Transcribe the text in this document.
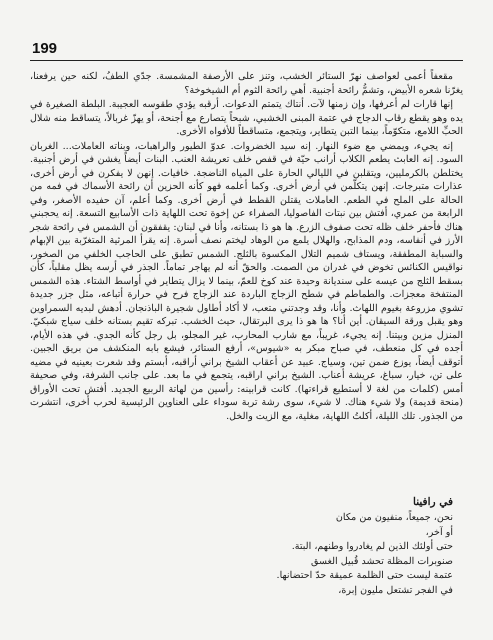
199

مقعفاً أعمى لعواصف نهرّ الستائر الخشب، وتنز على الأرصفة المشمسة. جدّي الطفُ، لكنه حين يرفعنا، يغرّنا شعره الأبيض، وتشمُّ رائحة أجنبية. أهي رائحة الثوم أم الشيخوخة؟

إنها قارات لم أعرفها، وإن زمنها لآت. أنتاك يتمتم الدعوات. أرقبه يؤدي طقوسه العجيبة. البلطة الصغيرة في يده وهو يقطع رقاب الدجاج في عتمة المبنى الخشبي، شبحاً يتصارع مع أجنحة، أو يهزّ غربالاً، يتساقط منه شلال الحبِّ اللامع، متكوّماً، بينما التبن يتطاير، ويتجمع، متساقطاً للأفواه الأخرى.

إنه يجيء، ويمضي مع ضوء النهار. إنه سيد الخضروات. عدوّ الطيور والراهبات، وبناته العاملات... الغربان السود. إنه العابث يطعم الكلاب أرانب حيّة في قفص خلف تعريشة العنب. البنات أيضاً يغشن في أرض أجنبية. يختلطن بالكرمليين، ويتقلبن في الليالي الحارة على المياه الناضجة. خافيات. إنهن لا يفكرن في أرض أخرى، عذارات متبرجات. إنهن يتكلّمن في أرض أخرى. وكما أعلمه فهو كأنه الحزين أن رائحة الأسماك في فمه من الحالة على الملح في الطعم. العاملات يقتلن القطط في أرض أخرى. وكما أعلم، آن حفيده الأصغر، وفي الرابعة من عمري، أفتش بين نبتات الفاصوليا، الصفراء عن إخوة تحت اللهاية ذات الأسابيع التسعة. إنه يحجبني هناك فأحفر خلف ظله تحت صفوف الزرع. ها هو ذا بستانه، وأنا في لبنان: يقفقون أن الشمس في رائحة شجر الأرز في أنفاسه، ودم المذابح، والهلال يلمع من الوهاد ليختم نصف أسرة. إنه يقرأ المرثية المتغرّبة بين الإبهام والسبابة المطفقة، ويستاف شميم التلال المكسوة بالثلج. الشمس تطبق على الحاجب الخلفي من الصخور، نواقيس الكنائس تخوض في غدران من الصمت. والحقّ أنه لم يهاجر تماماً. الجذر في أرسه يظل مقلباً، كأن بسقط الثلج من عيسه على سنديانة وحيدة عند كوخ للعمّ، بينما لا يزال يتطاير في أواسط الشتاء. هذه الشمس المنتفخة معجزات. والطماطم في شطح الزجاج الباردة عند الزجاج فرح في حرارة أتباعه، مثل جزر جديدة تشوي مزروعة بغيوم اللهاث. وأنا، وقد وجدتني متعب، لا أكاد أطاول شجيرة الباذنجان. أدهش لبديه السمراوين وهو يقبل ورقة السيقان. أين أنا؟ ها هو ذا يرى البرتقال، حيث الخشب. تبركه تقيم بستانه خلف سياج شبكيّ. المنزل مزين وبيتنا. إنه يجيء، غريباً، مع شارب المحارب، غير المجلو، بل رجل كأنه الجدي. في هذه الأيام، أجده في كل منعطف، في صباح مبكر به «شيوس»، أرفع الستائر، فيشع بابه المنكشف من بريق الجبين. أتوقف أيضاً، يوزع ضمن تين، وسياج. عبيد عن أعقاب الشيخ براني أراقبه، أبستم وقد شعرت بعينيه في مضيه على تن، خيار، سباغ، عريشة أعناب. الشيخ براني اراقبه، يتجمع في ما بعد. على جانب الشرفة، وفي صحيفة أمس (كلمات من لغة لا أستطيع قراءتها). كانت قرابينه: رأسين من لهاتة الربيع الجديد. أفتش تحت الأوراق (منحة قديمة) ولا شيء هناك. لا شيء، سوى رشة تربة سوداء على العناوين الرئيسية لحرب أخرى، انتشرت من الجذور. تلك الليلة، أكلتُ اللهاية، مغلية، مع الزيت والخل.

في رافينا
نحن، جميعاً، منفيون من مكان
أو آخر،
حتى أولئك الذين لم يغادروا وطنهم، البتة.
صنوبرات المظلة تحشد قُبيل الغسق
عتمة ليست حتى الظلمة عميقة حدّ احتضانها.
في الفجر تشتعل مليون إبرة،
